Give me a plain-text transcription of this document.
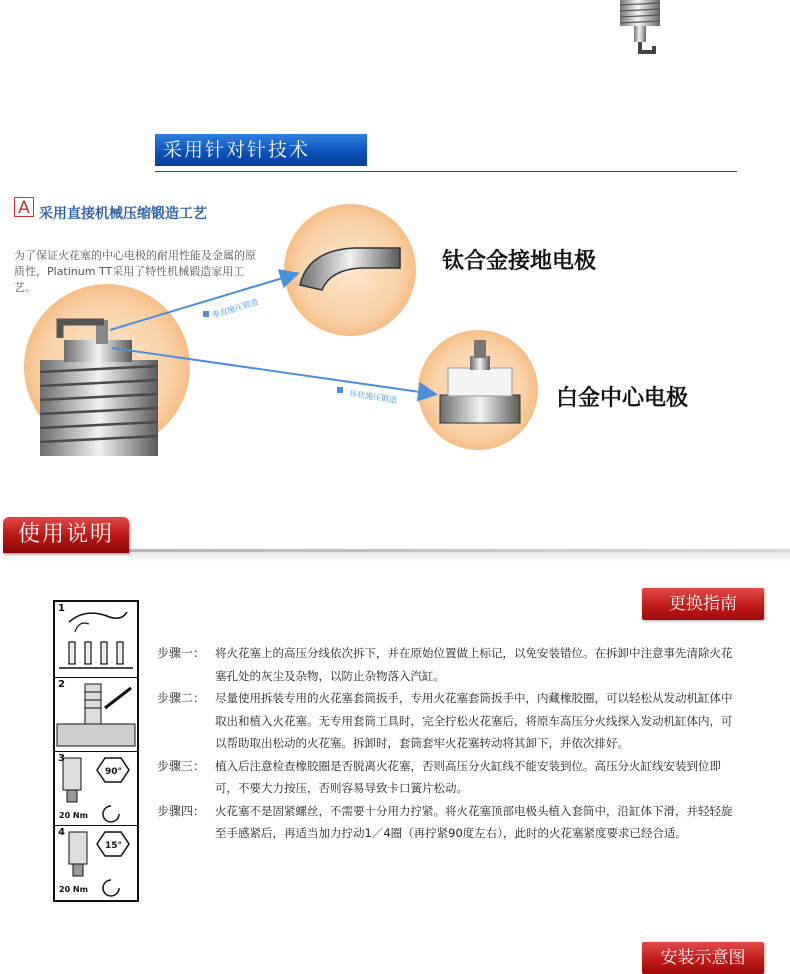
采用针对针技术
A 采用直接机械压缩锻造工艺
为了保证火花塞的中心电极的耐用性能及金属的原质性，Platinum TT采用了特性机械锻造家用工艺。
垂直施压锻造
环状施压锻造
钛合金接地电极
白金中心电极
使用说明
更换指南
1
2
3
90°
20 Nm
4
15°
20 Nm
步骤一： 将火花塞上的高压分线依次拆下，并在原始位置做上标记，以免安装错位。在拆卸中注意事先清除火花塞孔处的灰尘及杂物，以防止杂物落入汽缸。
步骤二： 尽量使用拆装专用的火花塞套筒扳手，专用火花塞套筒扳手中，内藏橡胶圈，可以轻松从发动机缸体中取出和植入火花塞。无专用套筒工具时，完全拧松火花塞后，将原车高压分火线探入发动机缸体内，可以帮助取出松动的火花塞。拆卸时，套筒套牢火花塞转动将其卸下，并依次排好。
步骤三： 植入后注意检查橡胶圈是否脱离火花塞，否则高压分火缸线不能安装到位。高压分火缸线安装到位即可，不要大力按压，否则容易导致卡口簧片松动。
步骤四： 火花塞不是固紧螺丝，不需要十分用力拧紧。将火花塞顶部电极头植入套筒中，沿缸体下滑，并轻轻旋至手感紧后，再适当加力拧动1／4圈（再拧紧90度左右），此时的火花塞紧度要求已经合适。
安装示意图
